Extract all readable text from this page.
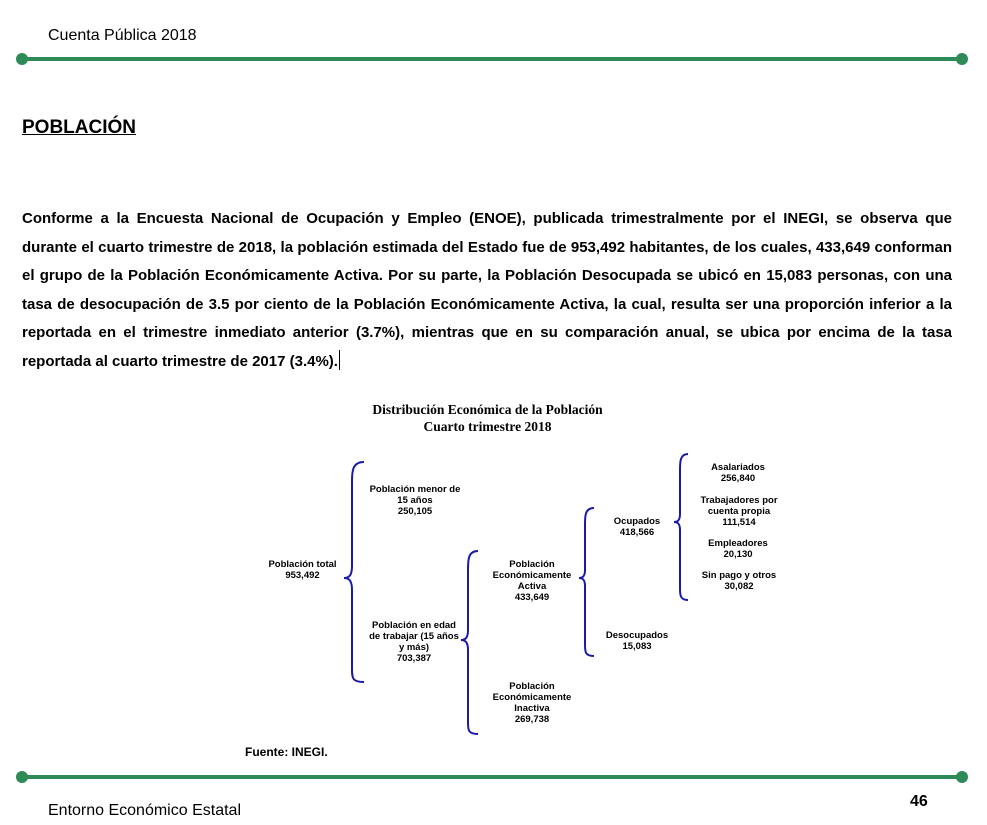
Cuenta Pública 2018
POBLACIÓN
Conforme a la Encuesta Nacional de Ocupación y Empleo (ENOE), publicada trimestralmente por el INEGI, se observa que durante el cuarto trimestre de 2018, la población estimada del Estado fue de 953,492 habitantes, de los cuales, 433,649 conforman el grupo de la Población Económicamente Activa. Por su parte, la Población Desocupada se ubicó en 15,083 personas, con una tasa de desocupación de 3.5 por ciento de la Población Económicamente Activa, la cual, resulta ser una proporción inferior a la reportada en el trimestre inmediato anterior (3.7%), mientras que en su comparación anual, se ubica por encima de la tasa reportada al cuarto trimestre de 2017 (3.4%).
Distribución Económica de la Población
Cuarto trimestre 2018
Población total
953,492
Población menor de 15 años
250,105
Población en edad de trabajar (15 años y más)
703,387
Población Económicamente Activa
433,649
Población Económicamente Inactiva
269,738
Ocupados
418,566
Desocupados
15,083
Asalariados
256,840
Trabajadores por cuenta propia
111,514
Empleadores
20,130
Sin pago y otros
30,082
Fuente: INEGI.
46
Entorno Económico Estatal
